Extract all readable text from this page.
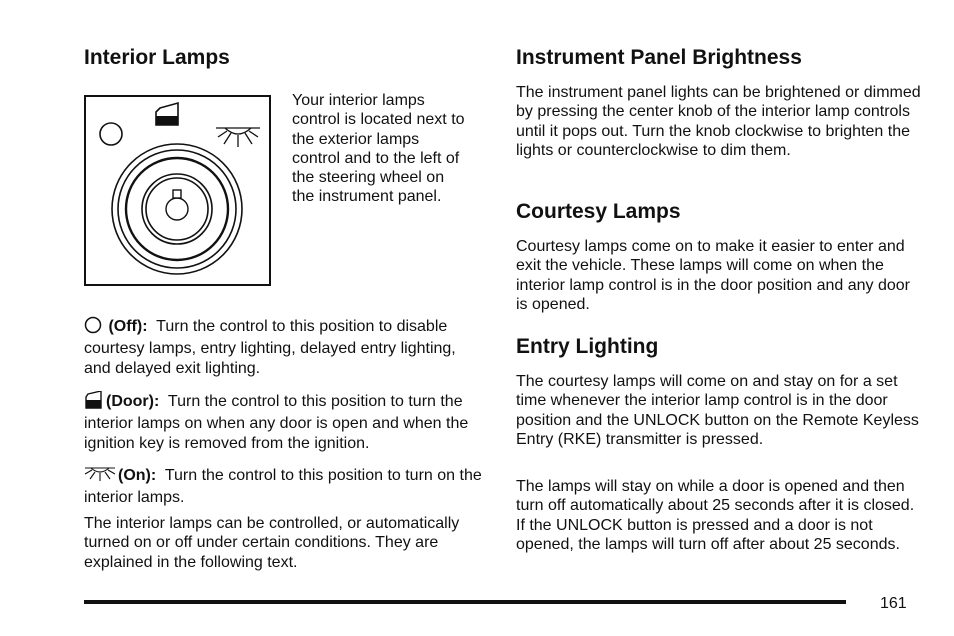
Interior Lamps
Your interior lamps
control is located next to
the exterior lamps
control and to the left of
the steering wheel on
the instrument panel.

(Off): Turn the control to this position to disable courtesy lamps, entry lighting, delayed entry lighting, and delayed exit lighting.

(Door): Turn the control to this position to turn the interior lamps on when any door is open and when the ignition key is removed from the ignition.

(On): Turn the control to this position to turn on the interior lamps.

The interior lamps can be controlled, or automatically turned on or off under certain conditions. They are explained in the following text.

Instrument Panel Brightness

The instrument panel lights can be brightened or dimmed by pressing the center knob of the interior lamp controls until it pops out. Turn the knob clockwise to brighten the lights or counterclockwise to dim them.

Courtesy Lamps

Courtesy lamps come on to make it easier to enter and exit the vehicle. These lamps will come on when the interior lamp control is in the door position and any door is opened.

Entry Lighting

The courtesy lamps will come on and stay on for a set time whenever the interior lamp control is in the door position and the UNLOCK button on the Remote Keyless Entry (RKE) transmitter is pressed.

The lamps will stay on while a door is opened and then turn off automatically about 25 seconds after it is closed. If the UNLOCK button is pressed and a door is not opened, the lamps will turn off after about 25 seconds.

161
